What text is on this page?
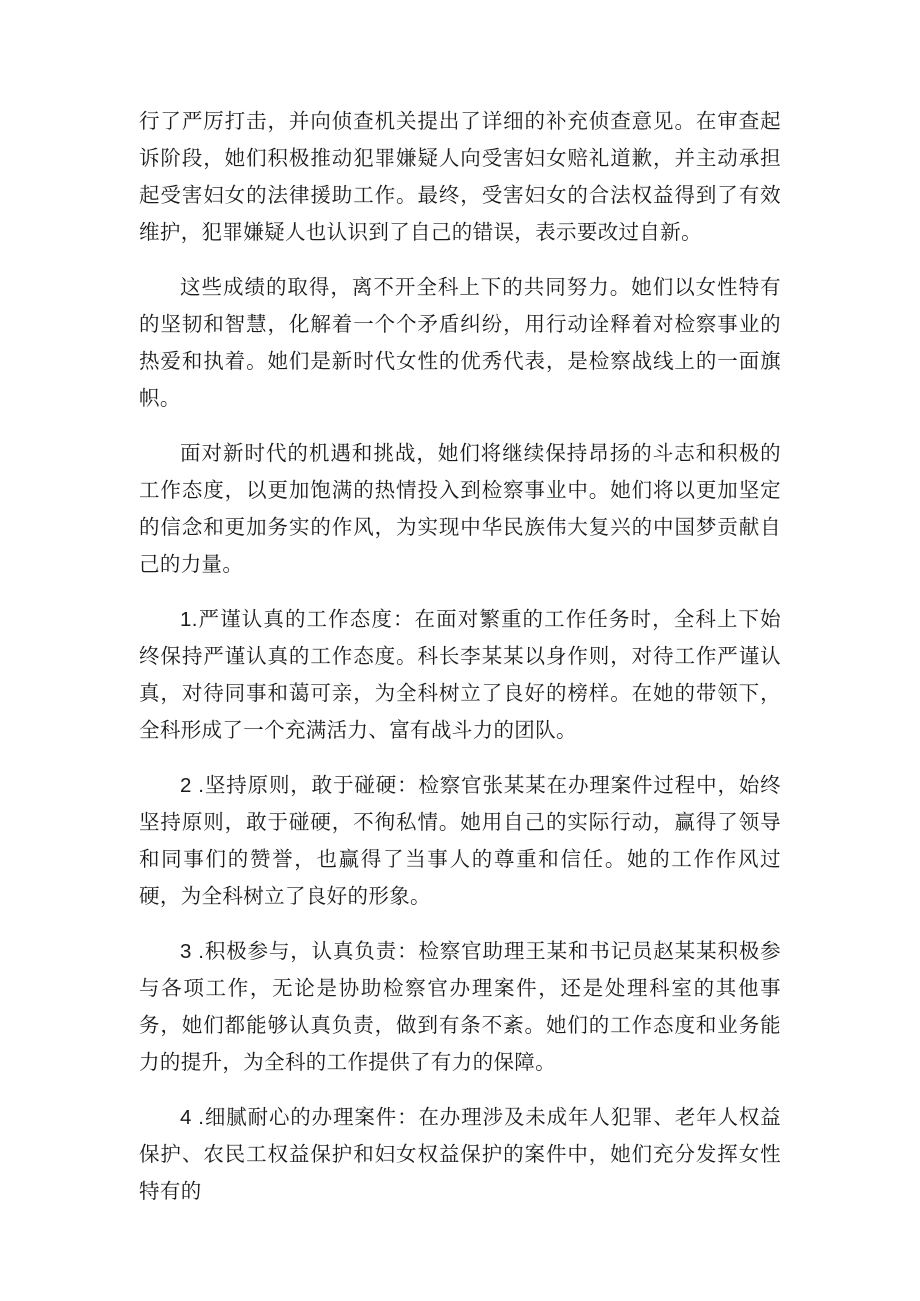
行了严厉打击，并向侦查机关提出了详细的补充侦查意见。在审查起诉阶段，她们积极推动犯罪嫌疑人向受害妇女赔礼道歉，并主动承担起受害妇女的法律援助工作。最终，受害妇女的合法权益得到了有效维护，犯罪嫌疑人也认识到了自己的错误，表示要改过自新。

这些成绩的取得，离不开全科上下的共同努力。她们以女性特有的坚韧和智慧，化解着一个个矛盾纠纷，用行动诠释着对检察事业的热爱和执着。她们是新时代女性的优秀代表，是检察战线上的一面旗帜。

面对新时代的机遇和挑战，她们将继续保持昂扬的斗志和积极的工作态度，以更加饱满的热情投入到检察事业中。她们将以更加坚定的信念和更加务实的作风，为实现中华民族伟大复兴的中国梦贡献自己的力量。

1.严谨认真的工作态度：在面对繁重的工作任务时，全科上下始终保持严谨认真的工作态度。科长李某某以身作则，对待工作严谨认真，对待同事和蔼可亲，为全科树立了良好的榜样。在她的带领下，全科形成了一个充满活力、富有战斗力的团队。

2 .坚持原则，敢于碰硬：检察官张某某在办理案件过程中，始终坚持原则，敢于碰硬，不徇私情。她用自己的实际行动，赢得了领导和同事们的赞誉，也赢得了当事人的尊重和信任。她的工作作风过硬，为全科树立了良好的形象。

3 .积极参与，认真负责：检察官助理王某和书记员赵某某积极参与各项工作，无论是协助检察官办理案件，还是处理科室的其他事务，她们都能够认真负责，做到有条不紊。她们的工作态度和业务能力的提升，为全科的工作提供了有力的保障。

4 .细腻耐心的办理案件：在办理涉及未成年人犯罪、老年人权益保护、农民工权益保护和妇女权益保护的案件中，她们充分发挥女性特有的
